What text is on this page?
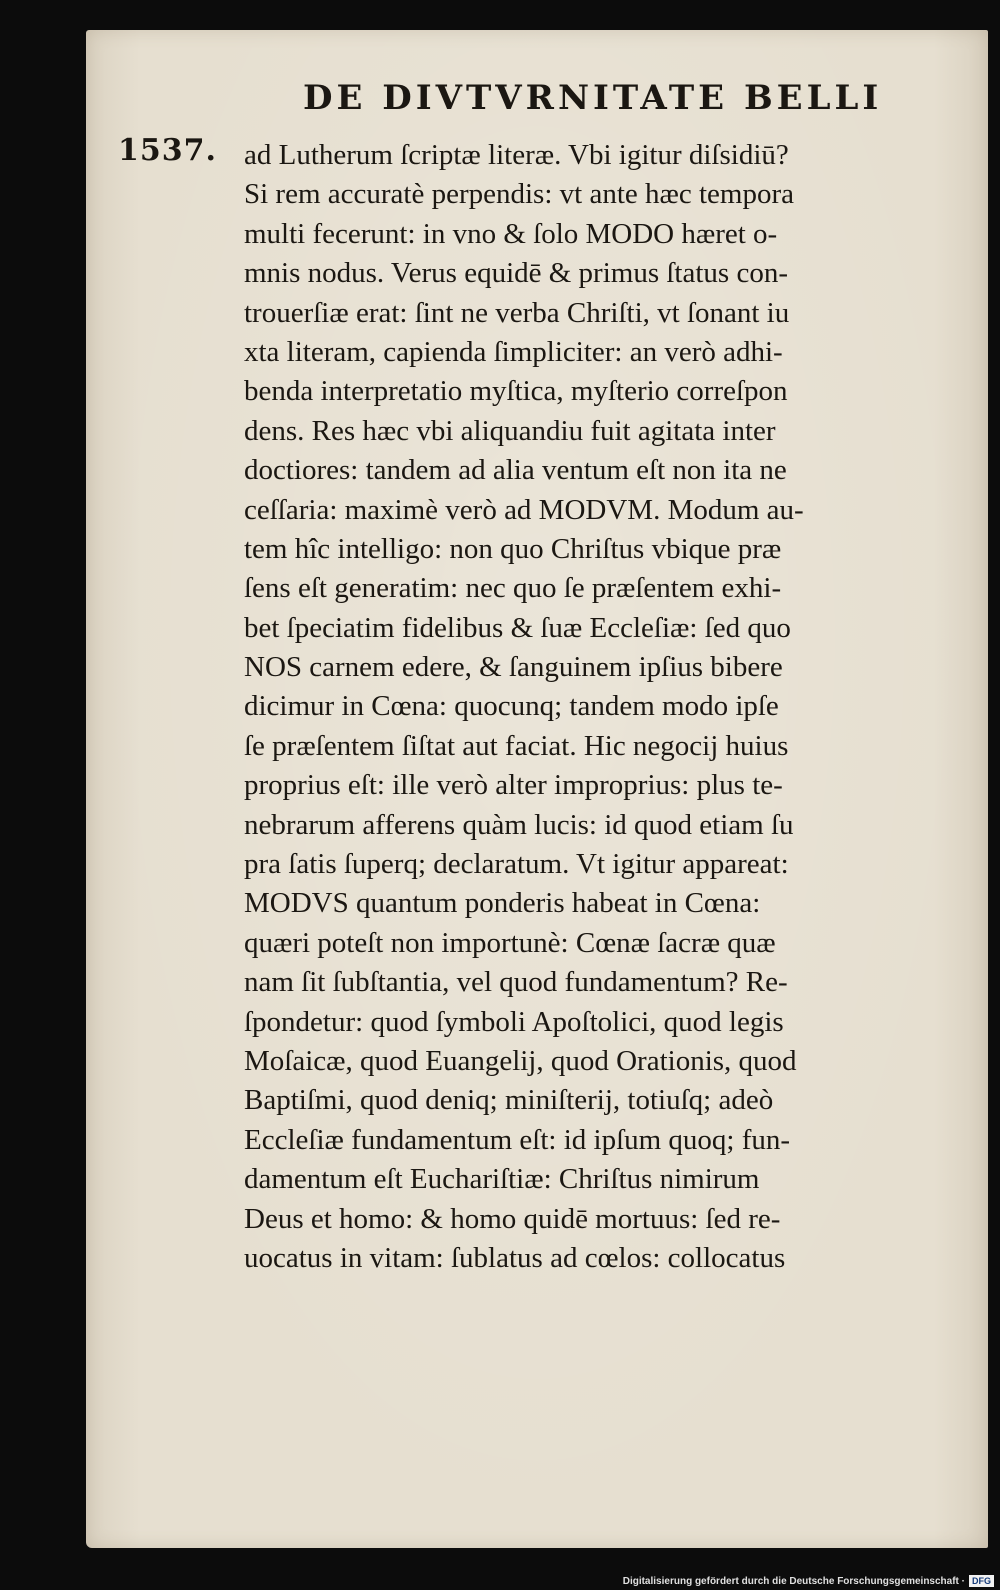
DE DIVTVRNITATE BELLI

1537. ad Lutherum ſcriptæ literæ. Vbi igitur diſsidiū?
Si rem accuratè perpendis: vt ante hæc tempora
multi fecerunt: in vno & ſolo MODO hæret o-
mnis nodus. Verus equidē & primus ſtatus con-
trouerſiæ erat: ſint ne verba Chriſti, vt ſonant iu
xta literam, capienda ſimpliciter: an verò adhi-
benda interpretatio myſtica, myſterio correſpon
dens. Res hæc vbi aliquandiu fuit agitata inter
doctiores: tandem ad alia ventum eſt non ita ne
ceſſaria: maximè verò ad MODVM. Modum au-
tem hîc intelligo: non quo Chriſtus vbique præ
ſens eſt generatim: nec quo ſe præſentem exhi-
bet ſpeciatim fidelibus & ſuæ Eccleſiæ: ſed quo
NOS carnem edere, & ſanguinem ipſius bibere
dicimur in Cœna: quocunq; tandem modo ipſe
ſe præſentem ſiſtat aut faciat. Hic negocij huius
proprius eſt: ille verò alter improprius: plus te-
nebrarum afferens quàm lucis: id quod etiam ſu
pra ſatis ſuperq; declaratum. Vt igitur appareat:
MODVS quantum ponderis habeat in Cœna:
quæri poteſt non importunè: Cœnæ ſacræ quæ
nam ſit ſubſtantia, vel quod fundamentum? Re-
ſpondetur: quod ſymboli Apoſtolici, quod legis
Moſaicæ, quod Euangelij, quod Orationis, quod
Baptiſmi, quod deniq; miniſterij, totiuſq; adeò
Eccleſiæ fundamentum eſt: id ipſum quoq; fun-
damentum eſt Euchariſtiæ: Chriſtus nimirum
Deus et homo: & homo quidē mortuus: ſed re-
uocatus in vitam: ſublatus ad cœlos: collocatus
Digitalisierung gefördert durch die Deutsche Forschungsgemeinschaft · DFG
